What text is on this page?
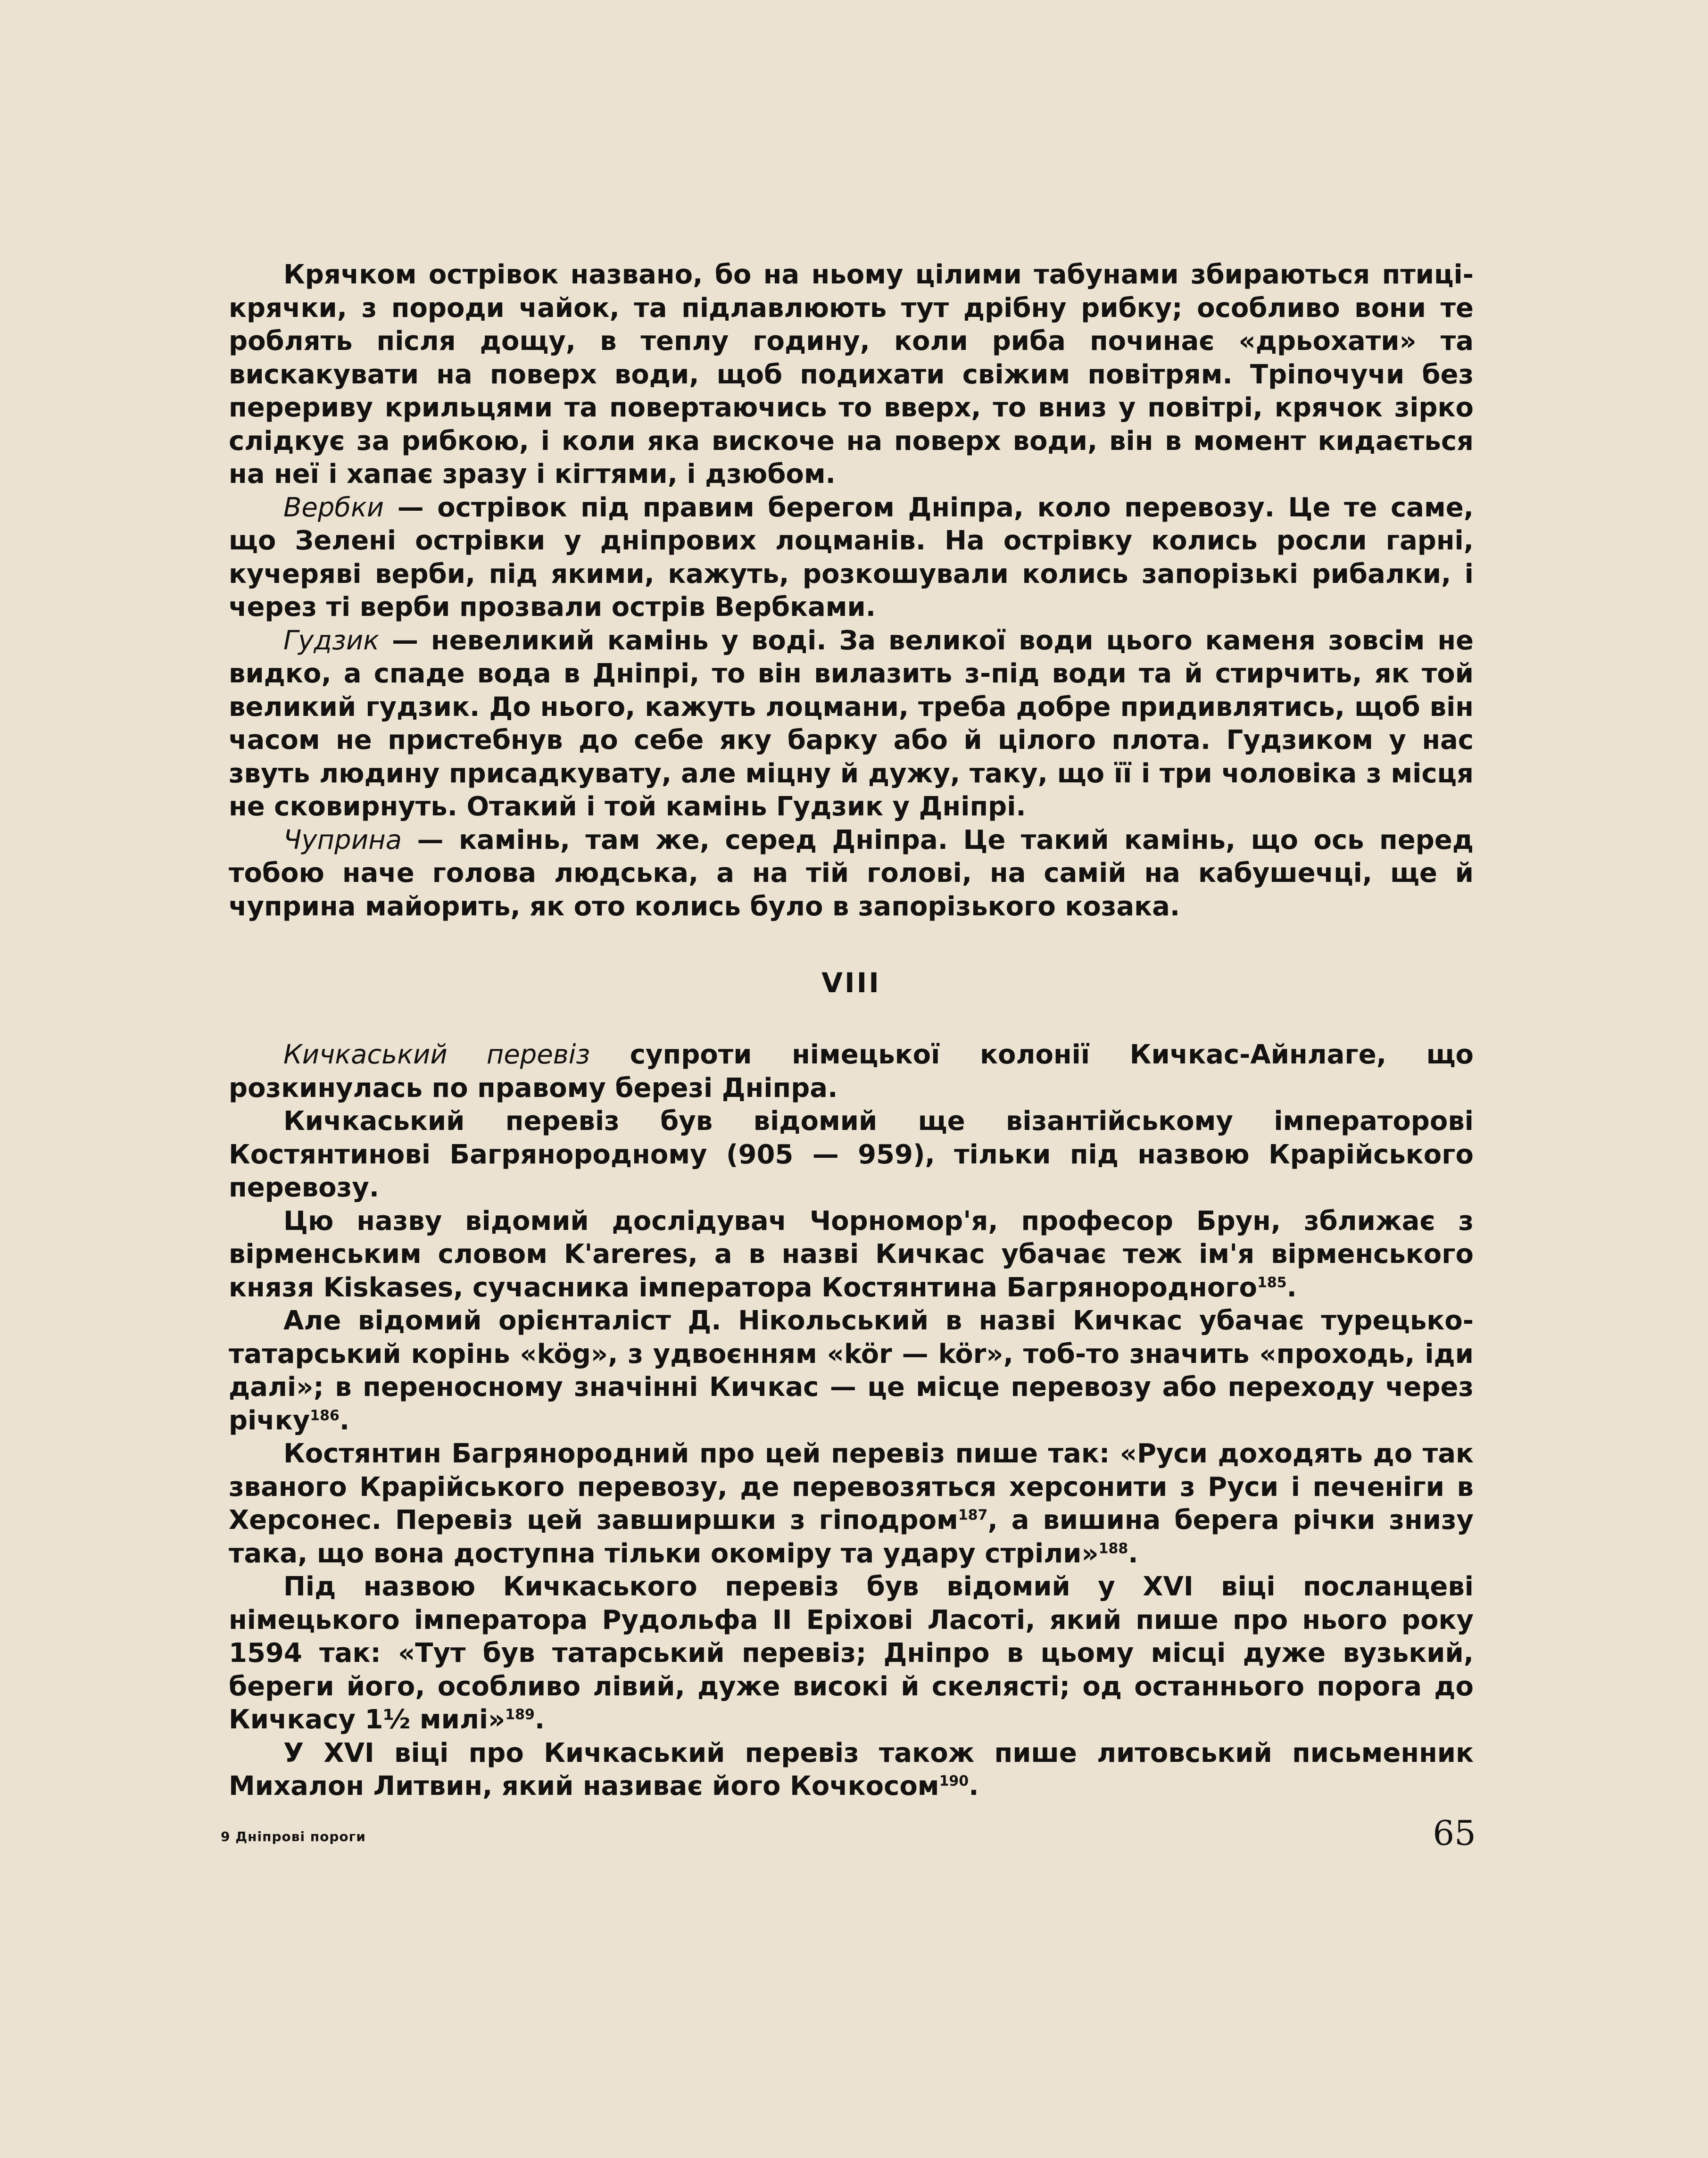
Крячком острівок названо, бо на ньому цілими табунами збираються птиці-крячки, з породи чайок, та підлавлюють тут дрібну рибку; особливо вони те роблять після дощу, в теплу годину, коли риба починає «дрьохати» та вискакувати на поверх води, щоб подихати свіжим повітрям. Тріпочучи без перериву крильцями та повертаючись то вверх, то вниз у повітрі, крячок зірко слідкує за рибкою, і коли яка вискоче на поверх води, він в момент кидається на неї і хапає зразу і кігтями, і дзюбом.

Вербки — острівок під правим берегом Дніпра, коло перевозу. Це те саме, що Зелені острівки у дніпрових лоцманів. На острівку колись росли гарні, кучеряві верби, під якими, кажуть, розкошували колись запорізькі рибалки, і через ті верби прозвали острів Вербками.

Гудзик — невеликий камінь у воді. За великої води цього каменя зовсім не видко, а спаде вода в Дніпрі, то він вилазить з-під води та й стирчить, як той великий гудзик. До нього, кажуть лоцмани, треба добре придивлятись, щоб він часом не пристебнув до себе яку барку або й цілого плота. Гудзиком у нас звуть людину присадкувату, але міцну й дужу, таку, що її і три чоловіка з місця не сковирнуть. Отакий і той камінь Гудзик у Дніпрі.

Чуприна — камінь, там же, серед Дніпра. Це такий камінь, що ось перед тобою наче голова людська, а на тій голові, на самій на кабушечці, ще й чуприна майорить, як ото колись було в запорізького козака.

VIII

Кичкаський перевіз супроти німецької колонії Кичкас-Айнлаге, що розкинулась по правому березі Дніпра.

Кичкаський перевіз був відомий ще візантійському імператорові Костянтинові Багрянородному (905 — 959), тільки під назвою Крарійського перевозу.

Цю назву відомий дослідувач Чорномор'я, професор Брун, зближає з вірменським словом K'areres, а в назві Кичкас убачає теж ім'я вірменського князя Kiskases, сучасника імператора Костянтина Багрянородного$^{185}$.

Але відомий орієнталіст Д. Нікольський в назві Кичкас убачає турецько-татарський корінь «kög», з удвоєнням «kör — kör», тоб-то значить «проходь, іди далі»; в переносному значінні Кичкас — це місце перевозу або переходу через річку$^{186}$.

Костянтин Багрянородний про цей перевіз пише так: «Руси доходять до так званого Крарійського перевозу, де перевозяться херсонити з Руси і печеніги в Херсонес. Перевіз цей завширшки з гіподром$^{187}$, а вишина берега річки знизу така, що вона доступна тільки окоміру та удару стріли»$^{188}$.

Під назвою Кичкаського перевіз був відомий у XVI віці посланцеві німецького імператора Рудольфа II Еріхові Ласоті, який пише про нього року 1594 так: «Тут був татарський перевіз; Дніпро в цьому місці дуже вузький, береги його, особливо лівий, дуже високі й скелясті; од останнього порога до Кичкасу 1½ милі»$^{189}$.

У XVI віці про Кичкаський перевіз також пише литовський письменник Михалон Литвин, який називає його Кочкосом$^{190}$.

9 Дніпрові пороги	65
